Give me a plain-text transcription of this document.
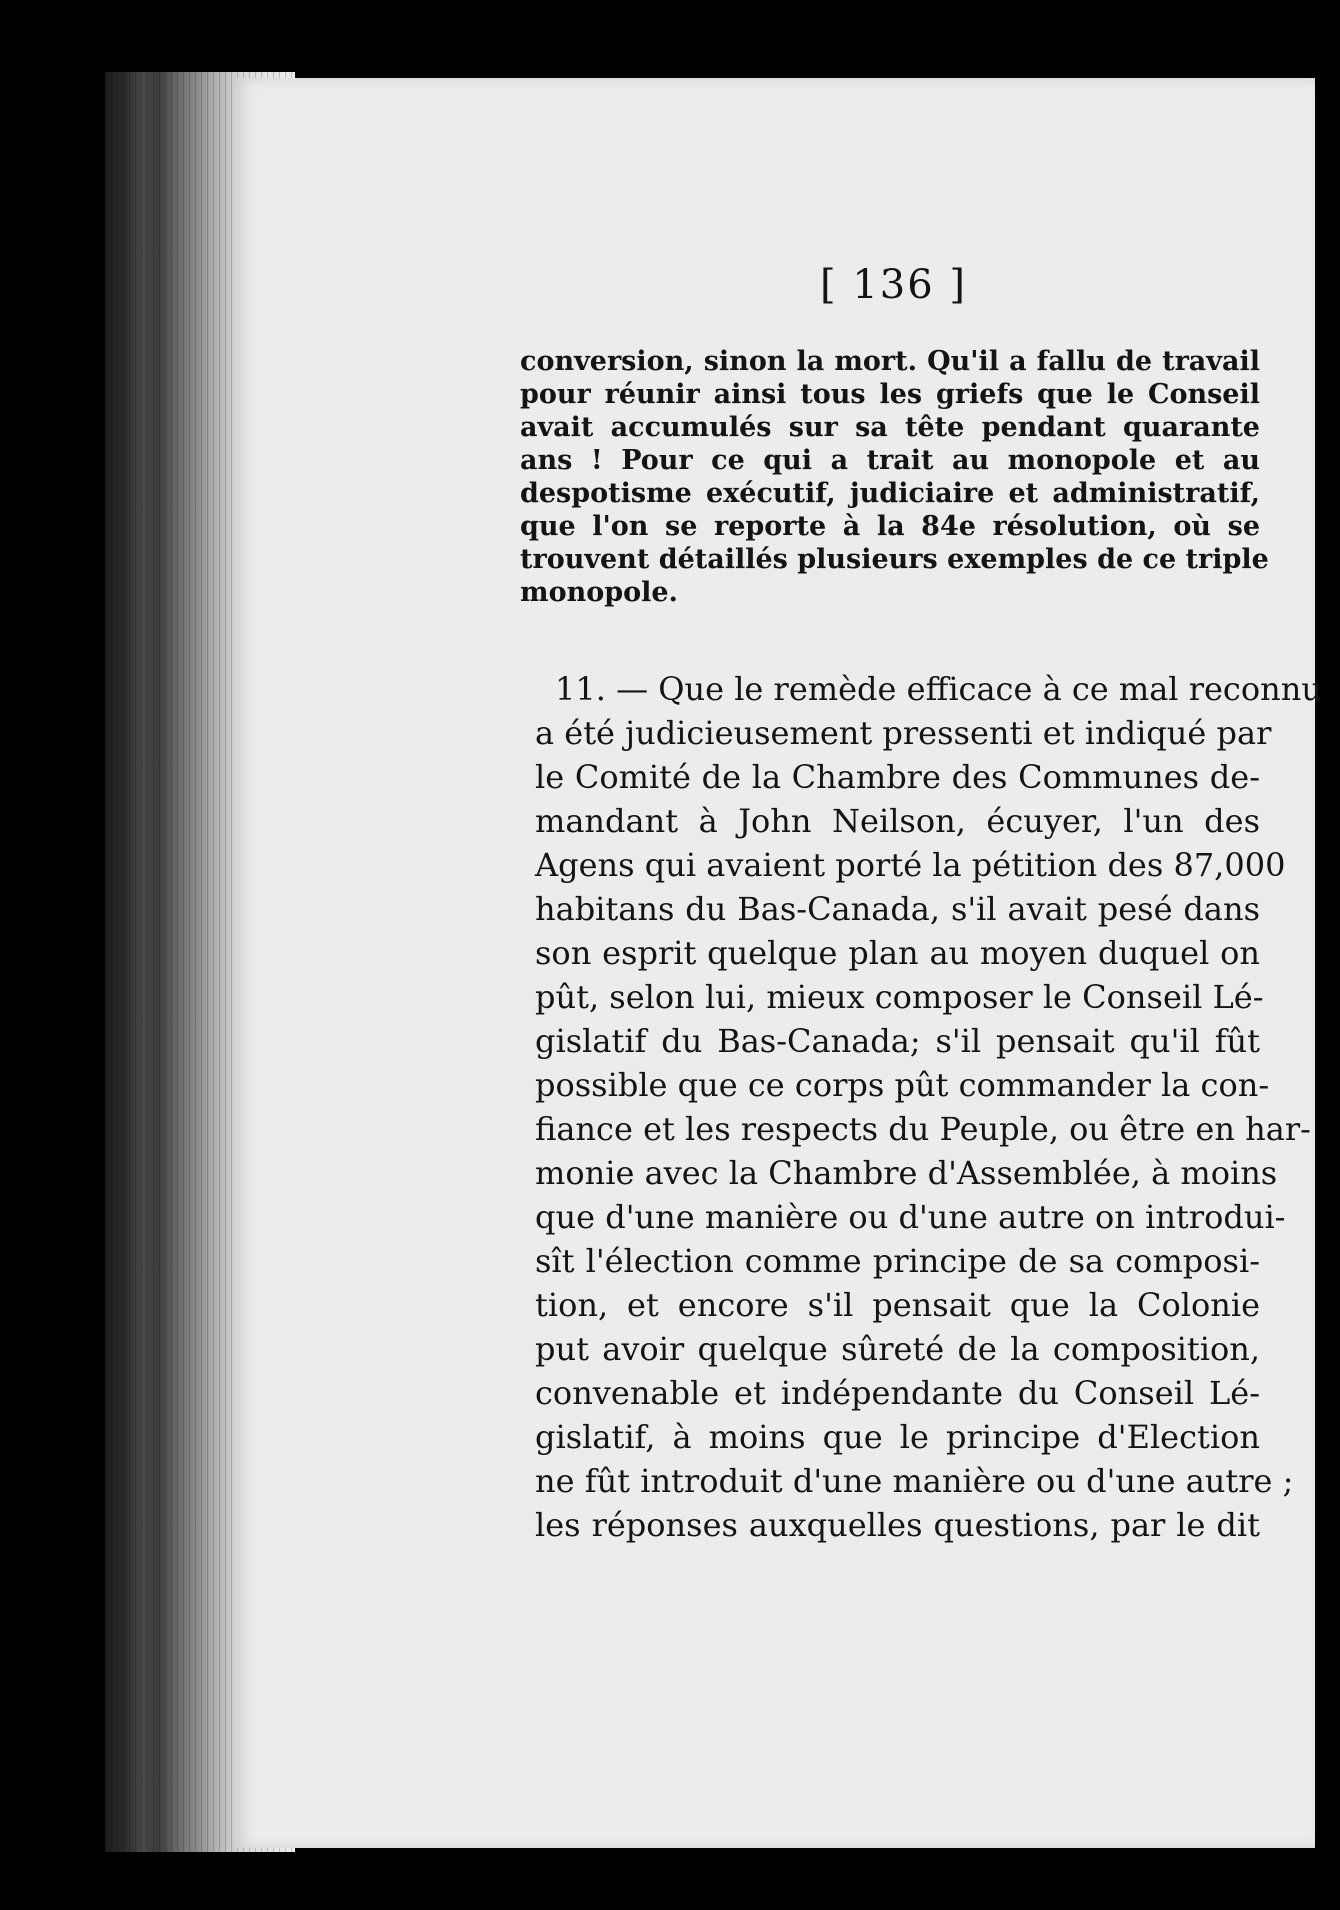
[ 136 ]
conversion, sinon la mort. Qu'il a fallu de travail
pour réunir ainsi tous les griefs que le Conseil
avait accumulés sur sa tête pendant quarante
ans ! Pour ce qui a trait au monopole et au
despotisme exécutif, judiciaire et administratif,
que l'on se reporte à la 84e résolution, où se
trouvent détaillés plusieurs exemples de ce triple
monopole.
11. — Que le remède efficace à ce mal reconnu
a été judicieusement pressenti et indiqué par
le Comité de la Chambre des Communes de-
mandant à John Neilson, écuyer, l'un des
Agens qui avaient porté la pétition des 87,000
habitans du Bas-Canada, s'il avait pesé dans
son esprit quelque plan au moyen duquel on
pût, selon lui, mieux composer le Conseil Lé-
gislatif du Bas-Canada; s'il pensait qu'il fût
possible que ce corps pût commander la con-
fiance et les respects du Peuple, ou être en har-
monie avec la Chambre d'Assemblée, à moins
que d'une manière ou d'une autre on introdui-
sît l'élection comme principe de sa composi-
tion, et encore s'il pensait que la Colonie
put avoir quelque sûreté de la composition,
convenable et indépendante du Conseil Lé-
gislatif, à moins que le principe d'Election
ne fût introduit d'une manière ou d'une autre ;
les réponses auxquelles questions, par le dit
